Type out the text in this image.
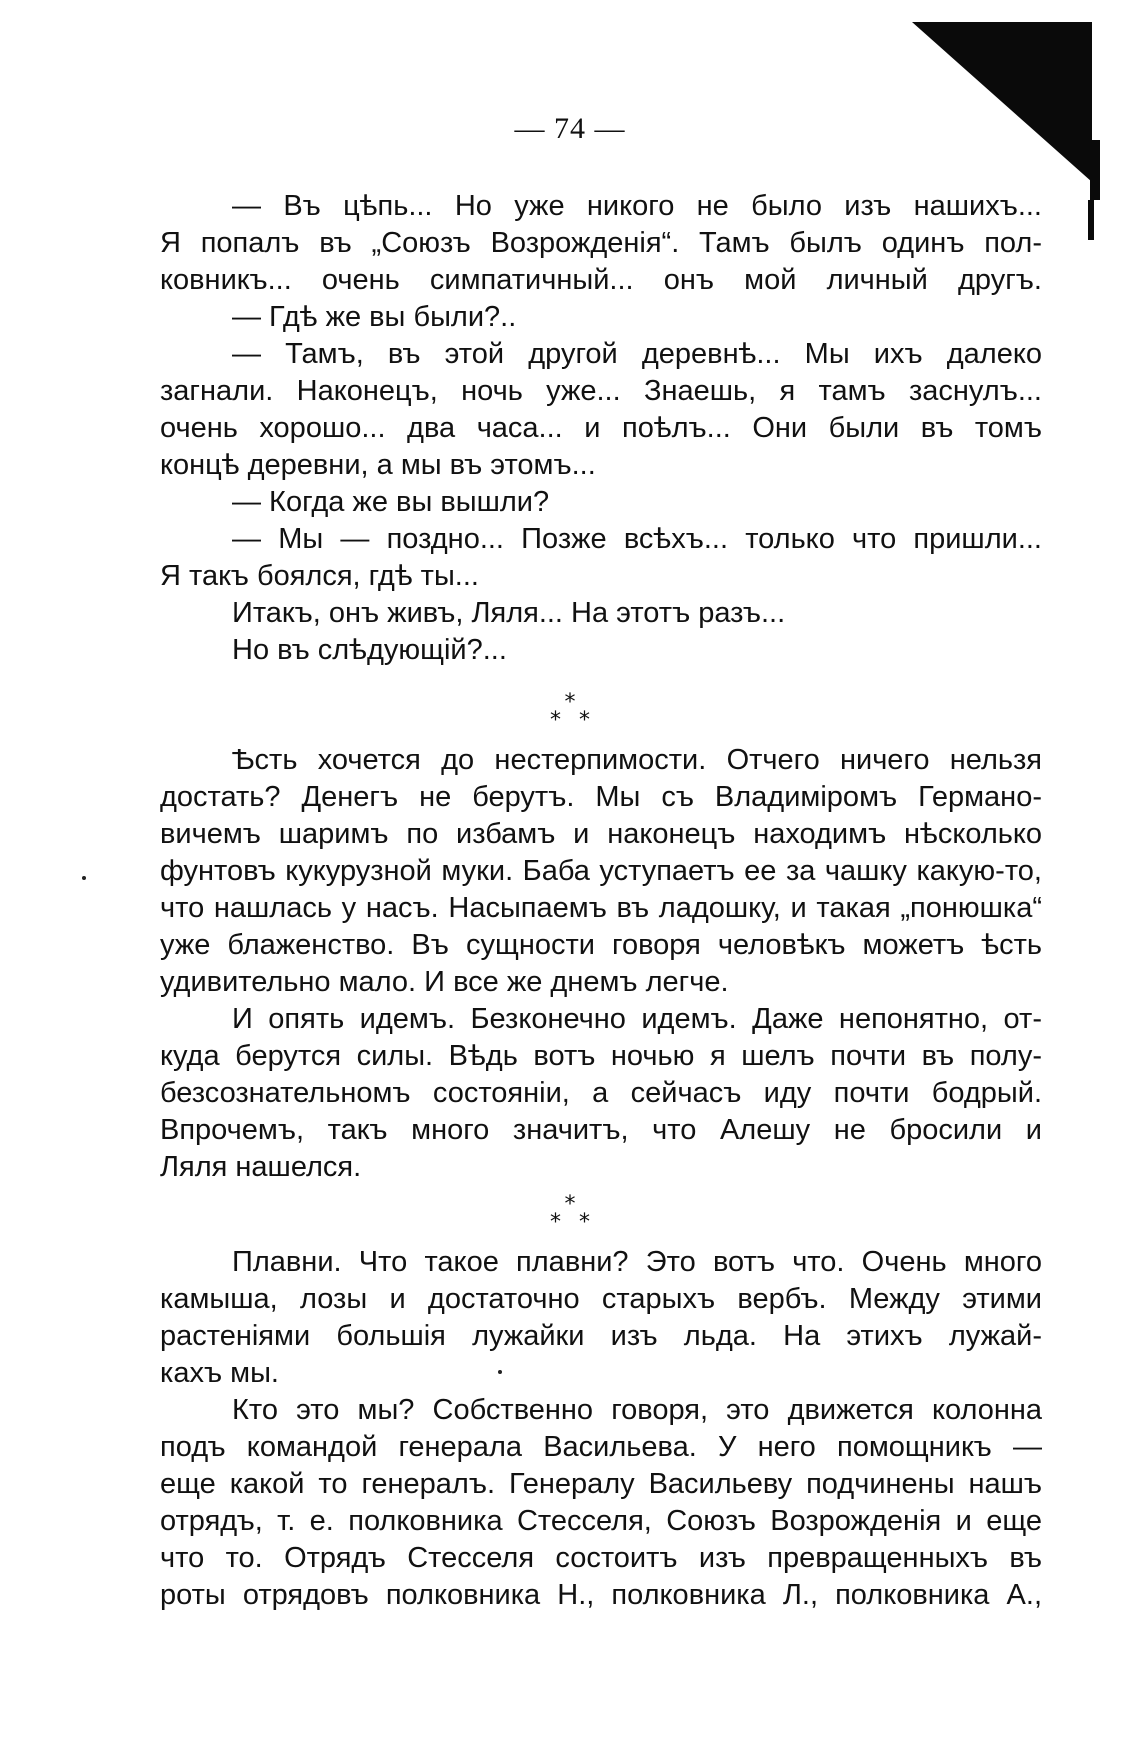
— 74 —
— Въ цѣпь... Но уже никого не было изъ нашихъ...
Я попалъ въ „Союзъ Возрожденія“. Тамъ былъ одинъ пол-
ковникъ... очень симпатичный... онъ мой личный другъ.
— Гдѣ же вы были?..
— Тамъ, въ этой другой деревнѣ... Мы ихъ далеко
загнали. Наконецъ, ночь уже... Знаешь, я тамъ заснулъ...
очень хорошо... два часа... и поѣлъ... Они были въ томъ
концѣ деревни, а мы въ этомъ...
— Когда же вы вышли?
— Мы — поздно... Позже всѣхъ... только что пришли...
Я такъ боялся, гдѣ ты...
Итакъ, онъ живъ, Ляля... На этотъ разъ...
Но въ слѣдующій?...
*
**
Ѣсть хочется до нестерпимости. Отчего ничего нельзя
достать? Денегъ не берутъ. Мы съ Владиміромъ Германо-
вичемъ шаримъ по избамъ и наконецъ находимъ нѣсколько
фунтовъ кукурузной муки. Баба уступаетъ ее за чашку какую-то,
что нашлась у насъ. Насыпаемъ въ ладошку, и такая „понюшка“
уже блаженство. Въ сущности говоря человѣкъ можетъ ѣсть
удивительно мало. И все же днемъ легче.
И опять идемъ. Безконечно идемъ. Даже непонятно, от-
куда берутся силы. Вѣдь вотъ ночью я шелъ почти въ полу-
безсознательномъ состояніи, а сейчасъ иду почти бодрый.
Впрочемъ, такъ много значитъ, что Алешу не бросили и
Ляля нашелся.
*
**
Плавни. Что такое плавни? Это вотъ что. Очень много
камыша, лозы и достаточно старыхъ вербъ. Между этими
растеніями большія лужайки изъ льда. На этихъ лужай-
кахъ мы.
Кто это мы? Собственно говоря, это движется колонна
подъ командой генерала Васильева. У него помощникъ —
еще какой то генералъ. Генералу Васильеву подчинены нашъ
отрядъ, т. е. полковника Стесселя, Союзъ Возрожденія и еще
что то. Отрядъ Стесселя состоитъ изъ превращенныхъ въ
роты отрядовъ полковника Н., полковника Л., полковника А.,
